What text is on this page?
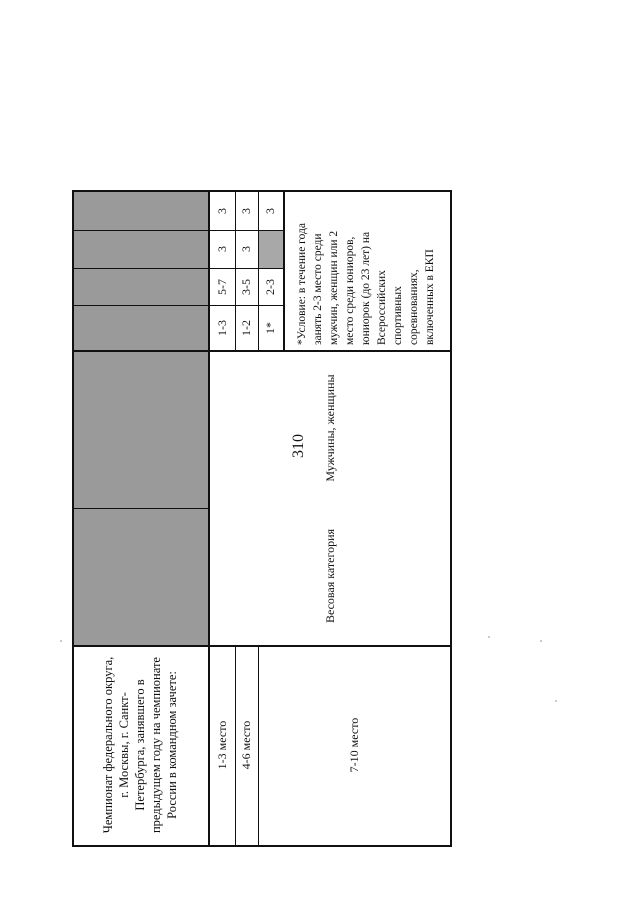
310
Чемпионат федерального округа, г. Москвы, г. Санкт- Петербурга, занявшего в предыдущем году на чемпионате России в командном зачете:	1-3 место 4-6 место	7-10 место
Весовая категория
Мужчины, женщины
1-3
5-7
3
3
1-2
3-5
3
3
1*
2-3
3
*Условие: в течение года занять 2-3 место среди мужчин, женщин или 2 место среди юниоров, юниорок (до 23 лет) на Всероссийских спортивных соревнованиях, включенных в ЕКП
